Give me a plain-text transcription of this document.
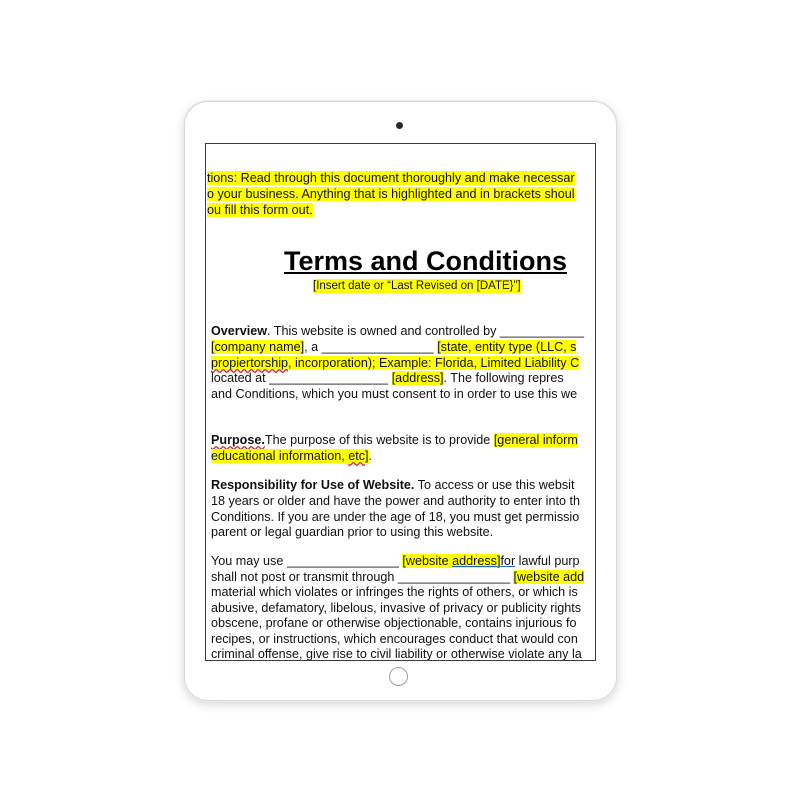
tions: Read through this document thoroughly and make necessar
o your business. Anything that is highlighted and in brackets shoul
ou fill this form out.
Terms and Conditions
[Insert date or “Last Revised on [DATE}”]
Overview. This website is owned and controlled by ____________
[company name], a ________________ [state, entity type (LLC, s
propiertorship, incorporation); Example: Florida, Limited Liability C
located at _________________ [address]. The following repres
and Conditions, which you must consent to in order to use this we
Purpose.The purpose of this website is to provide [general inform
educational information, etc].
Responsibility for Use of Website. To access or use this websit
18 years or older and have the power and authority to enter into th
Conditions. If you are under the age of 18, you must get permissio
parent or legal guardian prior to using this website.
You may use ________________ [website address]for lawful purp
shall not post or transmit through ________________ [website add
material which violates or infringes the rights of others, or which is
abusive, defamatory, libelous, invasive of privacy or publicity rights
obscene, profane or otherwise objectionable, contains injurious fo
recipes, or instructions, which encourages conduct that would con
criminal offense, give rise to civil liability or otherwise violate any la
